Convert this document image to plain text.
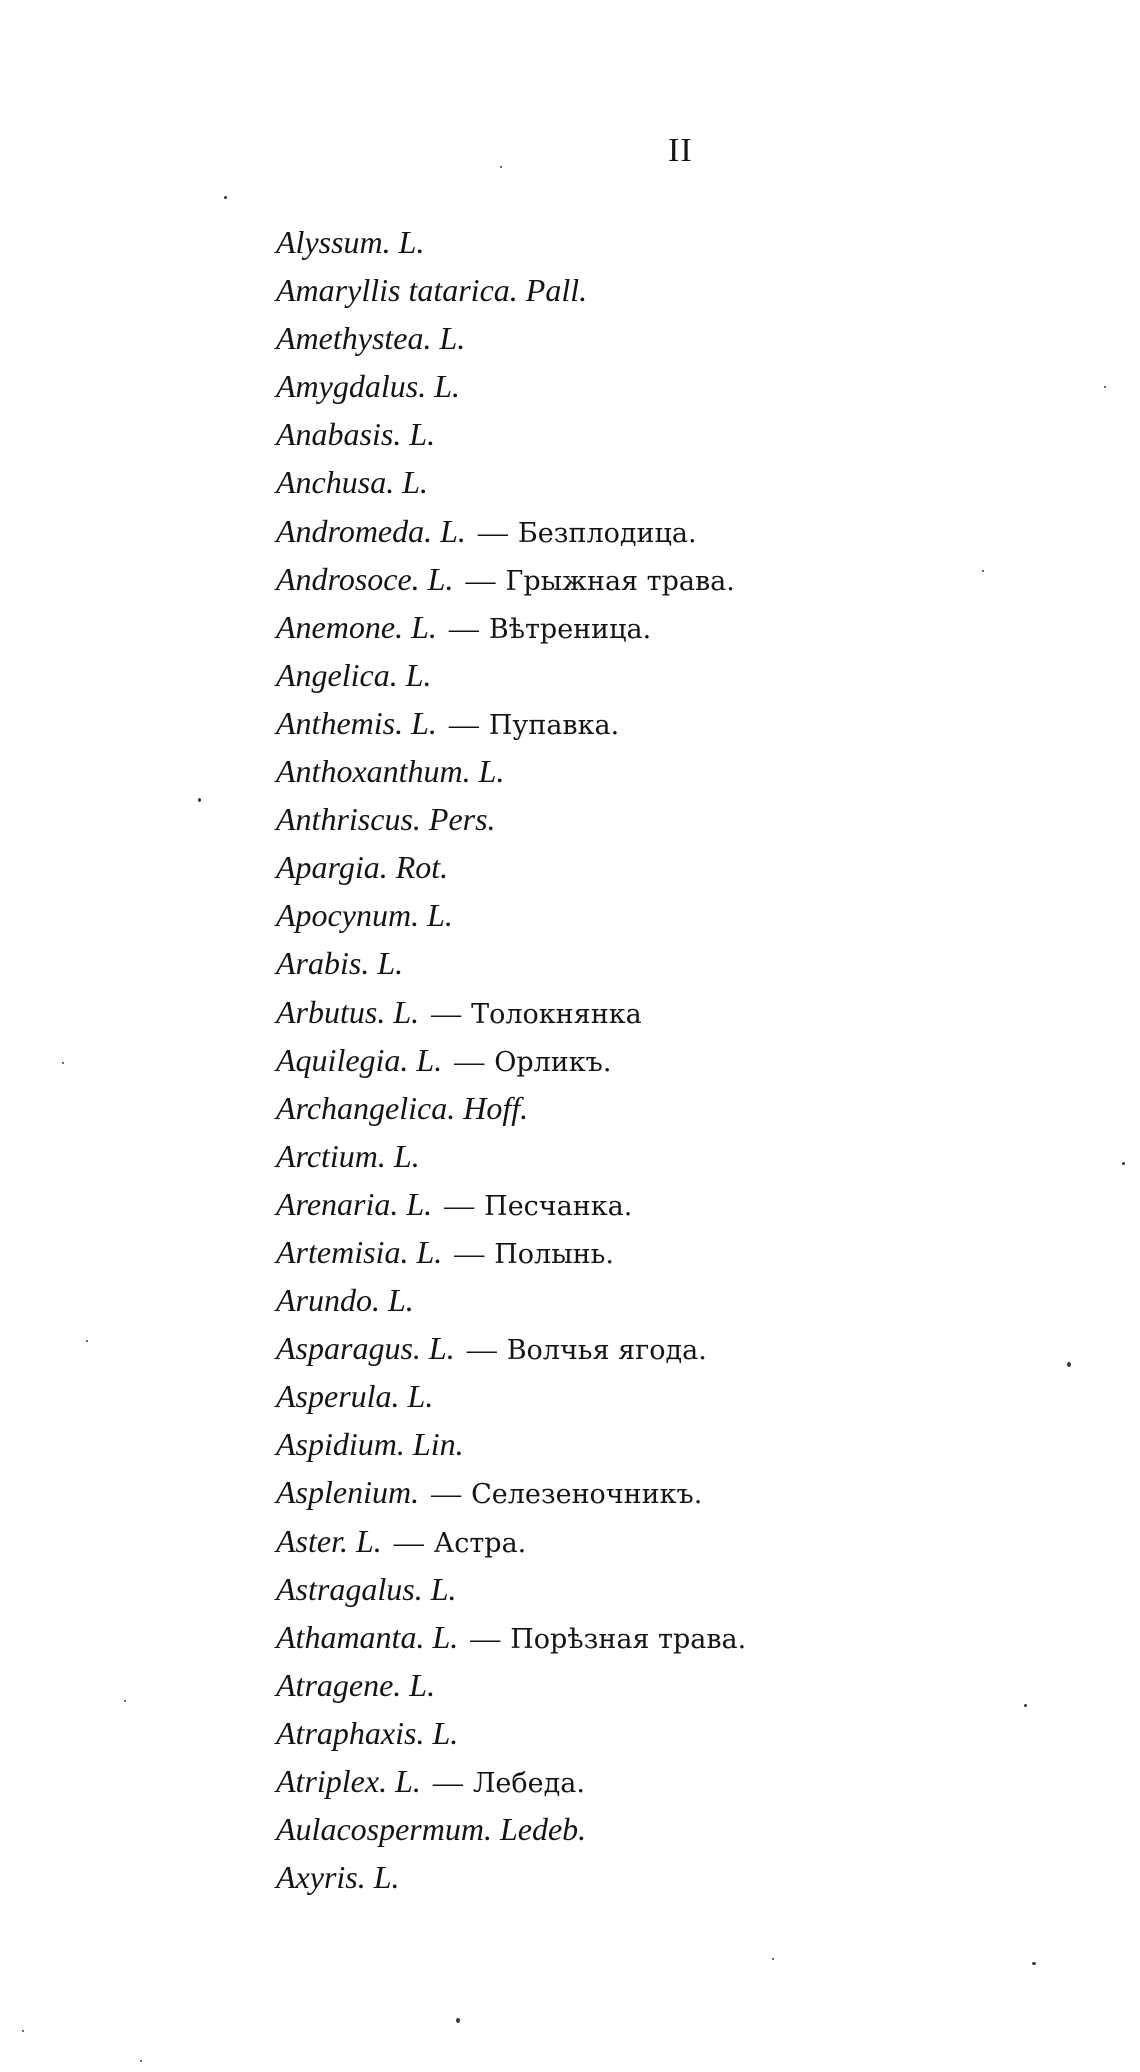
II
Alyssum. L.
Amaryllis tatarica. Pall.
Amethystea. L.
Amygdalus. L.
Anabasis. L.
Anchusa. L.
Andromeda. L. — Безплодица.
Androsoce. L. — Грыжная трава.
Anemone. L. — Вѣтреница.
Angelica. L.
Anthemis. L. — Пупавка.
Anthoxanthum. L.
Anthriscus. Pers.
Apargia. Rot.
Apocynum. L.
Arabis. L.
Arbutus. L. — Толокнянка
Aquilegia. L. — Орликъ.
Archangelica. Hoff.
Arctium. L.
Arenaria. L. — Песчанка.
Artemisia. L. — Полынь.
Arundo. L.
Asparagus. L. — Волчья ягода.
Asperula. L.
Aspidium. Lin.
Asplenium. — Селезеночникъ.
Aster. L. — Астра.
Astragalus. L.
Athamanta. L. — Порѣзная трава.
Atragene. L.
Atraphaxis. L.
Atriplex. L. — Лебеда.
Aulacospermum. Ledeb.
Axyris. L.
